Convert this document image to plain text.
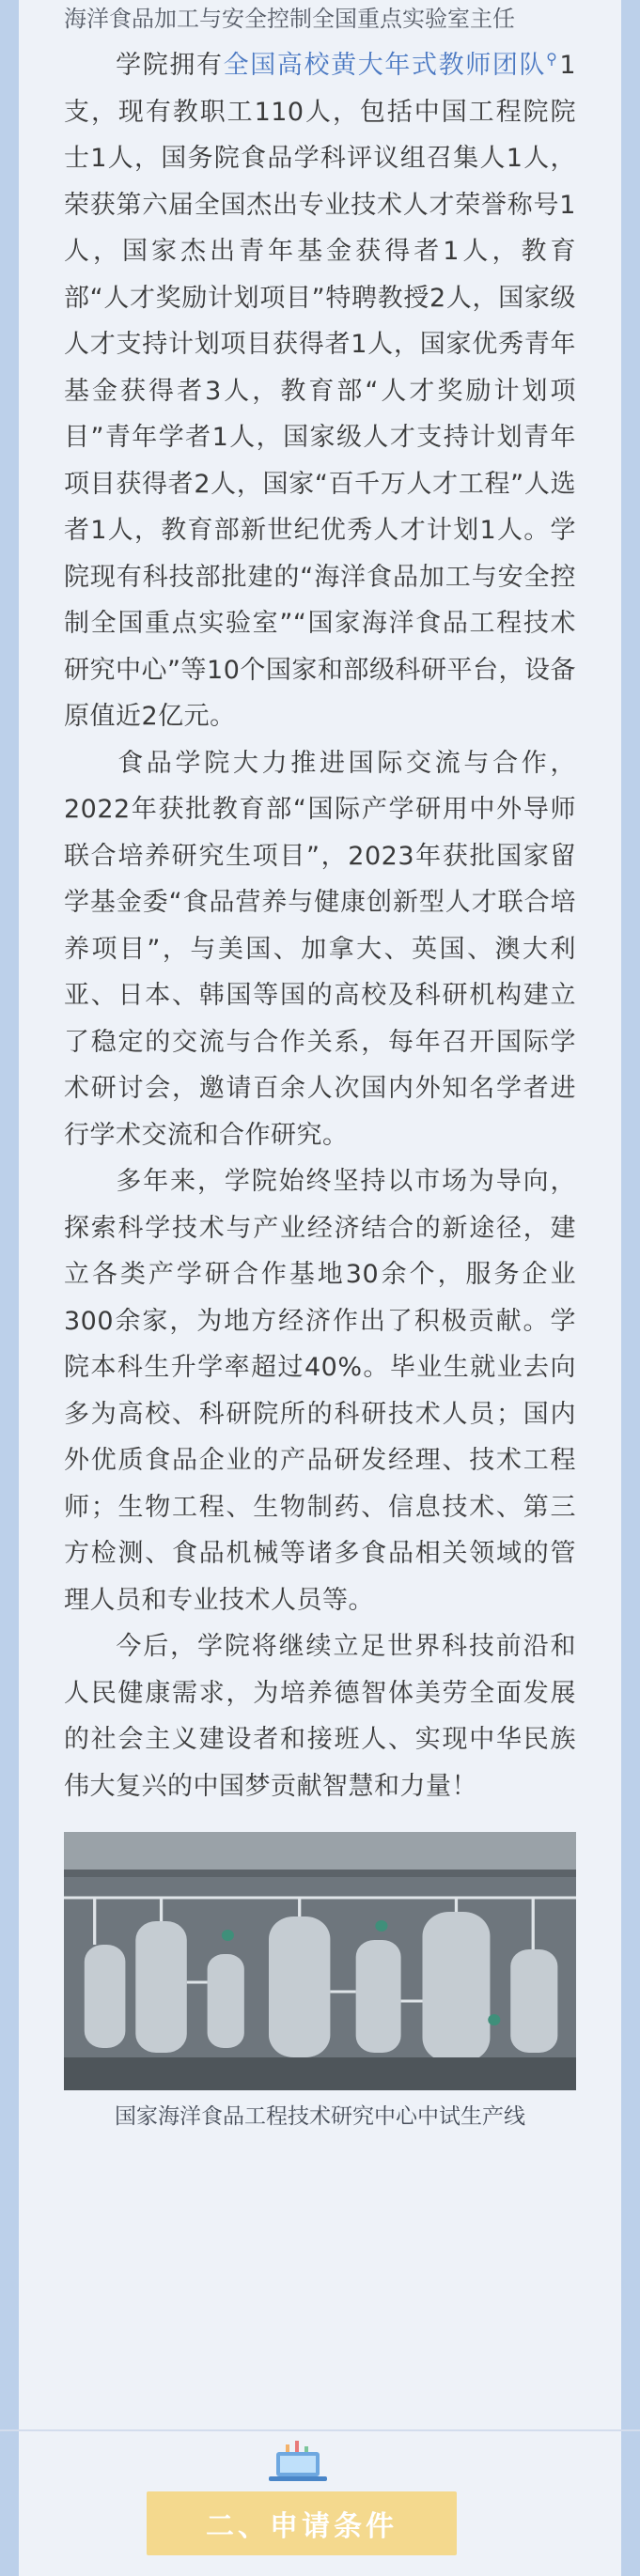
海洋食品加工与安全控制全国重点实验室主任

学院拥有全国高校黄大年式教师团队⚲1支，现有教职工110人，包括中国工程院院士1人，国务院食品学科评议组召集人1人，荣获第六届全国杰出专业技术人才荣誉称号1人，国家杰出青年基金获得者1人，教育部“人才奖励计划项目”特聘教授2人，国家级人才支持计划项目获得者1人，国家优秀青年基金获得者3人，教育部“人才奖励计划项目”青年学者1人，国家级人才支持计划青年项目获得者2人，国家“百千万人才工程”人选者1人，教育部新世纪优秀人才计划1人。学院现有科技部批建的“海洋食品加工与安全控制全国重点实验室”“国家海洋食品工程技术研究中心”等10个国家和部级科研平台，设备原值近2亿元。

食品学院大力推进国际交流与合作，2022年获批教育部“国际产学研用中外导师联合培养研究生项目”，2023年获批国家留学基金委“食品营养与健康创新型人才联合培养项目”，与美国、加拿大、英国、澳大利亚、日本、韩国等国的高校及科研机构建立了稳定的交流与合作关系，每年召开国际学术研讨会，邀请百余人次国内外知名学者进行学术交流和合作研究。

多年来，学院始终坚持以市场为导向，探索科学技术与产业经济结合的新途径，建立各类产学研合作基地30余个，服务企业300余家，为地方经济作出了积极贡献。学院本科生升学率超过40%。毕业生就业去向多为高校、科研院所的科研技术人员；国内外优质食品企业的产品研发经理、技术工程师；生物工程、生物制药、信息技术、第三方检测、食品机械等诸多食品相关领域的管理人员和专业技术人员等。

今后，学院将继续立足世界科技前沿和人民健康需求，为培养德智体美劳全面发展的社会主义建设者和接班人、实现中华民族伟大复兴的中国梦贡献智慧和力量！

国家海洋食品工程技术研究中心中试生产线
二、申请条件
